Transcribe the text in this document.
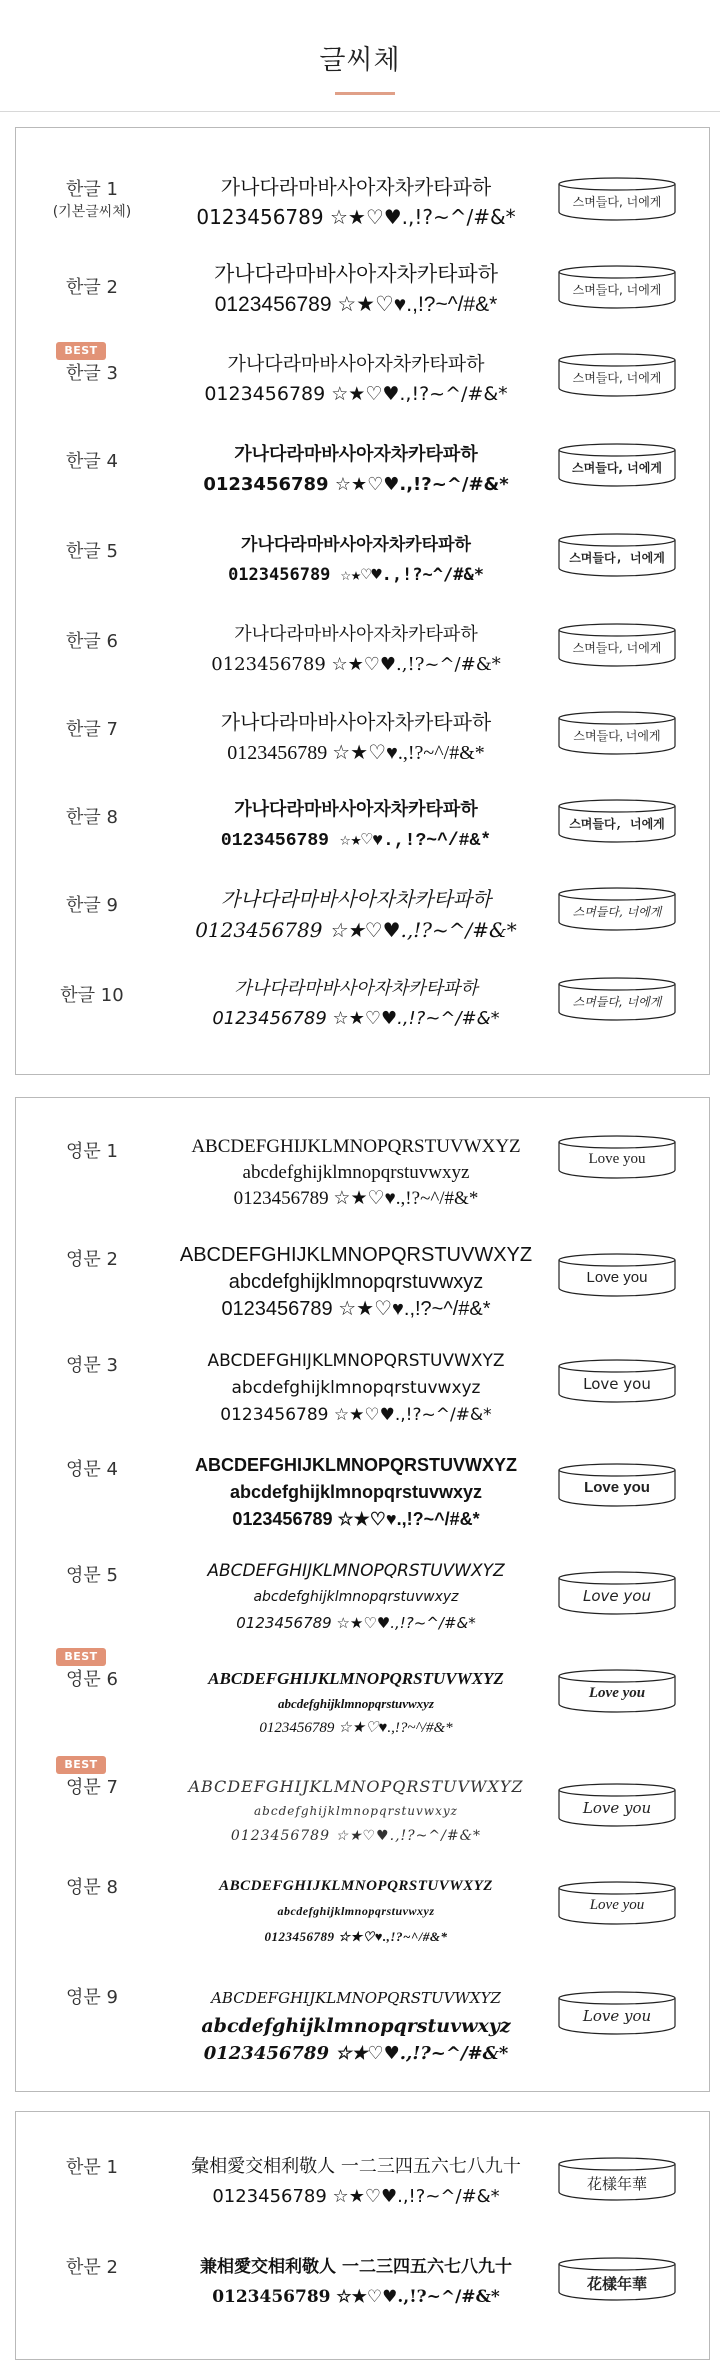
글씨체
한글 1
(기본글씨체)
가나다라마바사아자차카타파하
0123456789 ☆★♡♥.,!?~^/#&*
스며들다, 너에게
한글 2
가나다라마바사아자차카타파하
0123456789 ☆★♡♥.,!?~^/#&*
스며들다, 너에게
BEST
한글 3	가나다라마바사아자차카타파하
0123456789 ☆★♡♥.,!?~^/#&*
스며들다, 너에게
한글 4	가나다라마바사아자차카타파하
0123456789 ☆★♡♥.,!?~^/#&*
스며들다, 너에게
한글 5	가나다라마바사아자차카타파하
0123456789 ☆★♡♥.,!?~^/#&*
스며들다, 너에게
한글 6	가나다라마바사아자차카타파하
0123456789 ☆★♡♥.,!?~^/#&*
스며들다, 너에게
한글 7	가나다라마바사아자차카타파하
0123456789 ☆★♡♥.,!?~^/#&*
스며들다, 너에게
한글 8	가나다라마바사아자차카타파하
0123456789 ☆★♡♥.,!?~^/#&*
스며들다, 너에게
한글 9	가나다라마바사아자차카타파하
0123456789 ☆★♡♥.,!?~^/#&*
스며들다, 너에게
한글 10	가나다라마바사아자차카타파하
0123456789 ☆★♡♥.,!?~^/#&*
스며들다, 너에게
영문 1	ABCDEFGHIJKLMNOPQRSTUVWXYZ
abcdefghijklmnopqrstuvwxyz
0123456789 ☆★♡♥.,!?~^/#&*
Love you
영문 2	ABCDEFGHIJKLMNOPQRSTUVWXYZ
abcdefghijklmnopqrstuvwxyz
0123456789 ☆★♡♥.,!?~^/#&*
Love you
영문 3	ABCDEFGHIJKLMNOPQRSTUVWXYZ
abcdefghijklmnopqrstuvwxyz
0123456789 ☆★♡♥.,!?~^/#&*
Love you
영문 4	ABCDEFGHIJKLMNOPQRSTUVWXYZ
abcdefghijklmnopqrstuvwxyz
0123456789 ☆★♡♥.,!?~^/#&*
Love you
영문 5	ABCDEFGHIJKLMNOPQRSTUVWXYZ
abcdefghijklmnopqrstuvwxyz
0123456789 ☆★♡♥.,!?~^/#&*
Love you
BEST
영문 6	ABCDEFGHIJKLMNOPQRSTUVWXYZ
abcdefghijklmnopqrstuvwxyz
0123456789 ☆★♡♥.,!?~^/#&*
Love you
BEST
영문 7	ABCDEFGHIJKLMNOPQRSTUVWXYZ
abcdefghijklmnopqrstuvwxyz
0123456789 ☆★♡♥.,!?~^/#&*
Love you
영문 8	ABCDEFGHIJKLMNOPQRSTUVWXYZ
abcdefghijklmnopqrstuvwxyz
0123456789 ☆★♡♥.,!?~^/#&*
Love you
영문 9	ABCDEFGHIJKLMNOPQRSTUVWXYZ
abcdefghijklmnopqrstuvwxyz
0123456789 ☆★♡♥.,!?~^/#&*
Love you
한문 1	彙相愛交相利敬人 一二三四五六七八九十
0123456789 ☆★♡♥.,!?~^/#&*
花樣年華
한문 2	兼相愛交相利敬人 一二三四五六七八九十
0123456789 ☆★♡♥.,!?~^/#&*
花樣年華
